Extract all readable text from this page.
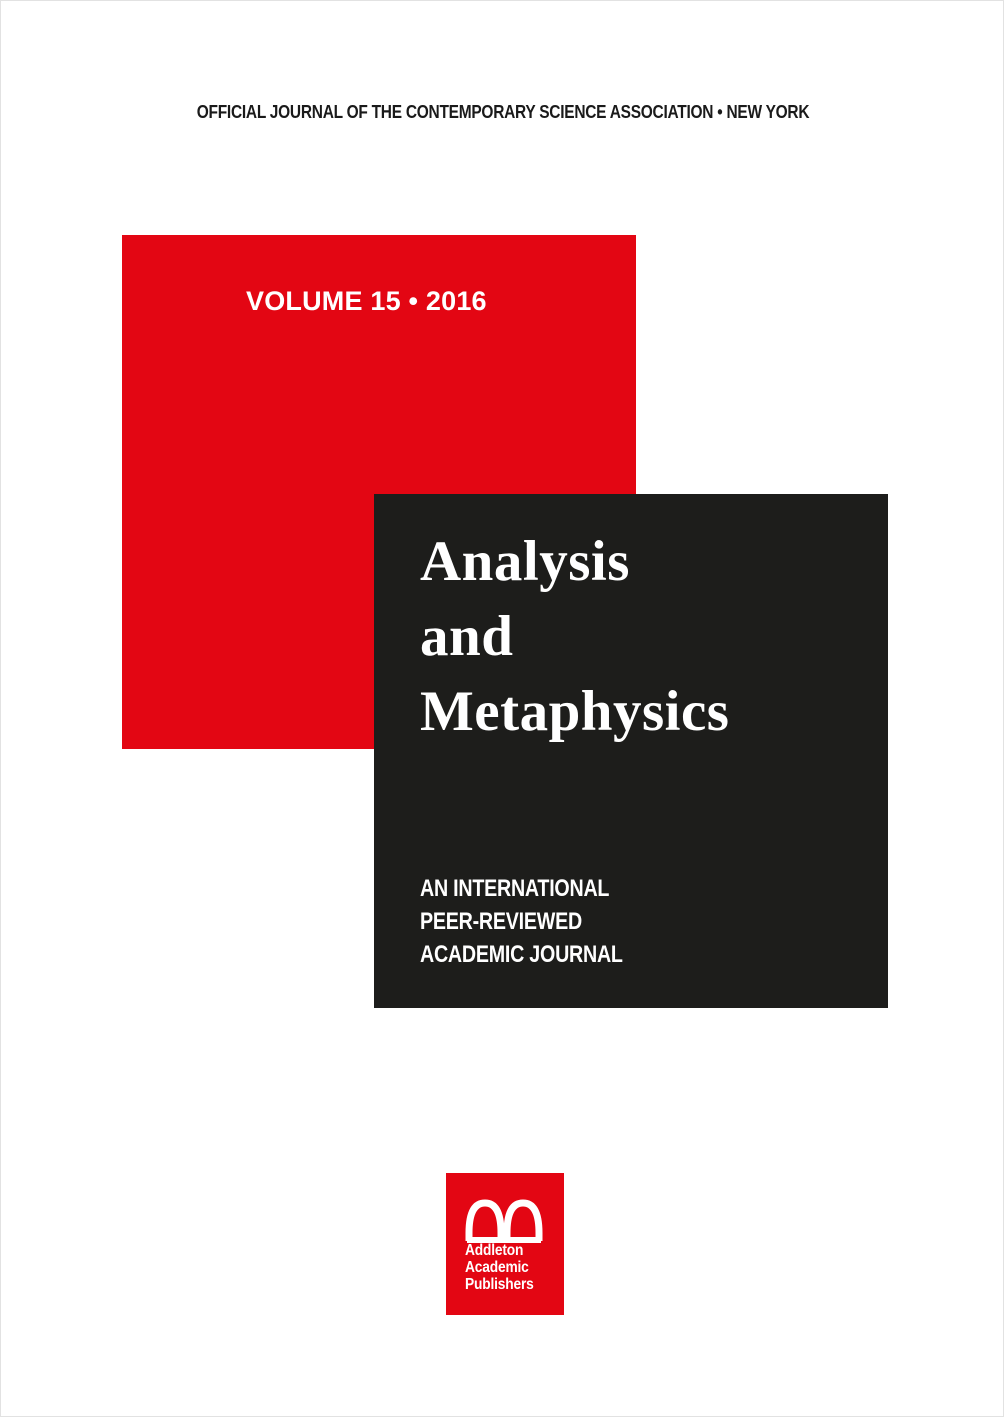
OFFICIAL JOURNAL OF THE CONTEMPORARY SCIENCE ASSOCIATION • NEW YORK
VOLUME 15 • 2016
Analysis
and
Metaphysics
AN INTERNATIONAL
PEER-REVIEWED
ACADEMIC JOURNAL
Addleton
Academic
Publishers
